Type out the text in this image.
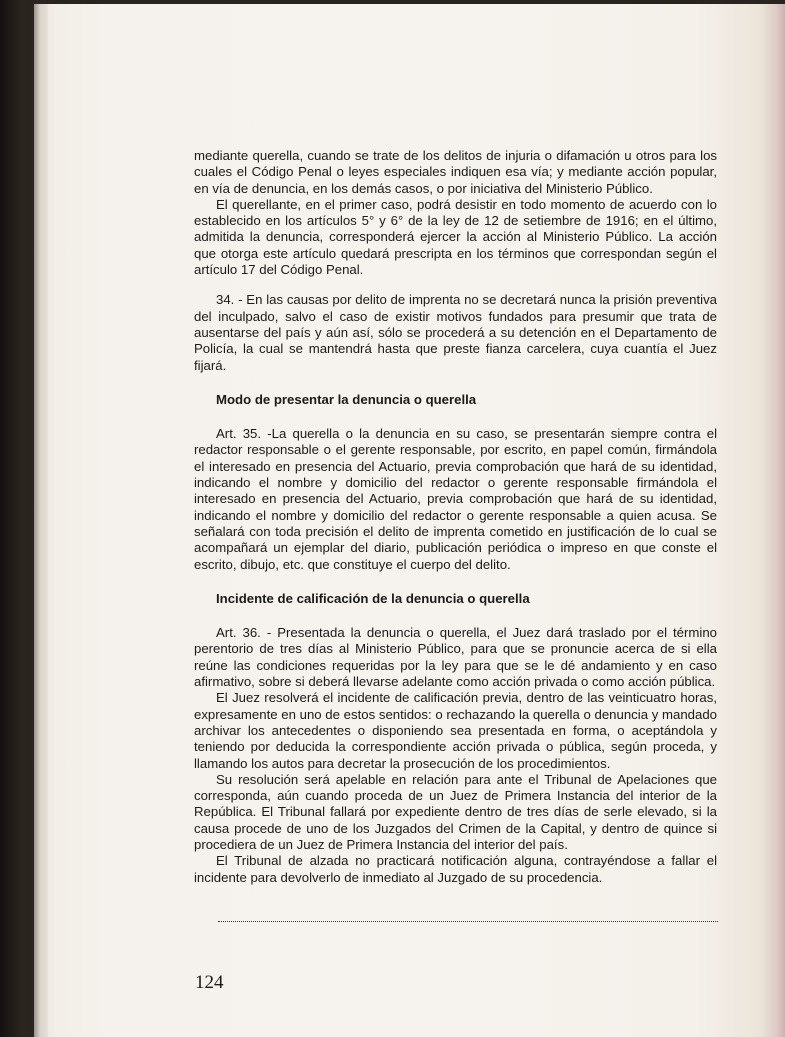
mediante querella, cuando se trate de los delitos de injuria o difamación u otros para los cuales el Código Penal o leyes especiales indiquen esa vía; y mediante acción popular, en vía de denuncia, en los demás casos, o por iniciativa del Ministerio Público.

El querellante, en el primer caso, podrá desistir en todo momento de acuerdo con lo establecido en los artículos 5° y 6° de la ley de 12 de setiembre de 1916; en el último, admitida la denuncia, corresponderá ejercer la acción al Ministerio Público. La acción que otorga este artículo quedará prescripta en los términos que correspondan según el artículo 17 del Código Penal.

34. - En las causas por delito de imprenta no se decretará nunca la prisión preventiva del inculpado, salvo el caso de existir motivos fundados para presumir que trata de ausentarse del país y aún así, sólo se procederá a su detención en el Departamento de Policía, la cual se mantendrá hasta que preste fianza carcelera, cuya cuantía el Juez fijará.

Modo de presentar la denuncia o querella

Art. 35. -La querella o la denuncia en su caso, se presentarán siempre contra el redactor responsable o el gerente responsable, por escrito, en papel común, firmándola el interesado en presencia del Actuario, previa comprobación que hará de su identidad, indicando el nombre y domicilio del redactor o gerente responsable firmándola el interesado en presencia del Actuario, previa comprobación que hará de su identidad, indicando el nombre y domicilio del redactor o gerente responsable a quien acusa. Se señalará con toda precisión el delito de imprenta cometido en justificación de lo cual se acompañará un ejemplar del diario, publicación periódica o impreso en que conste el escrito, dibujo, etc. que constituye el cuerpo del delito.

Incidente de calificación de la denuncia o querella

Art. 36. - Presentada la denuncia o querella, el Juez dará traslado por el término perentorio de tres días al Ministerio Público, para que se pronuncie acerca de si ella reúne las condiciones requeridas por la ley para que se le dé andamiento y en caso afirmativo, sobre si deberá llevarse adelante como acción privada o como acción pública.

El Juez resolverá el incidente de calificación previa, dentro de las veinticuatro horas, expresamente en uno de estos sentidos: o rechazando la querella o denuncia y mandado archivar los antecedentes o disponiendo sea presentada en forma, o aceptándola y teniendo por deducida la correspondiente acción privada o pública, según proceda, y llamando los autos para decretar la prosecución de los procedimientos.

Su resolución será apelable en relación para ante el Tribunal de Apelaciones que corresponda, aún cuando proceda de un Juez de Primera Instancia del interior de la República. El Tribunal fallará por expediente dentro de tres días de serle elevado, si la causa procede de uno de los Juzgados del Crimen de la Capital, y dentro de quince si procediera de un Juez de Primera Instancia del interior del país.

El Tribunal de alzada no practicará notificación alguna, contrayéndose a fallar el incidente para devolverlo de inmediato al Juzgado de su procedencia.

124
